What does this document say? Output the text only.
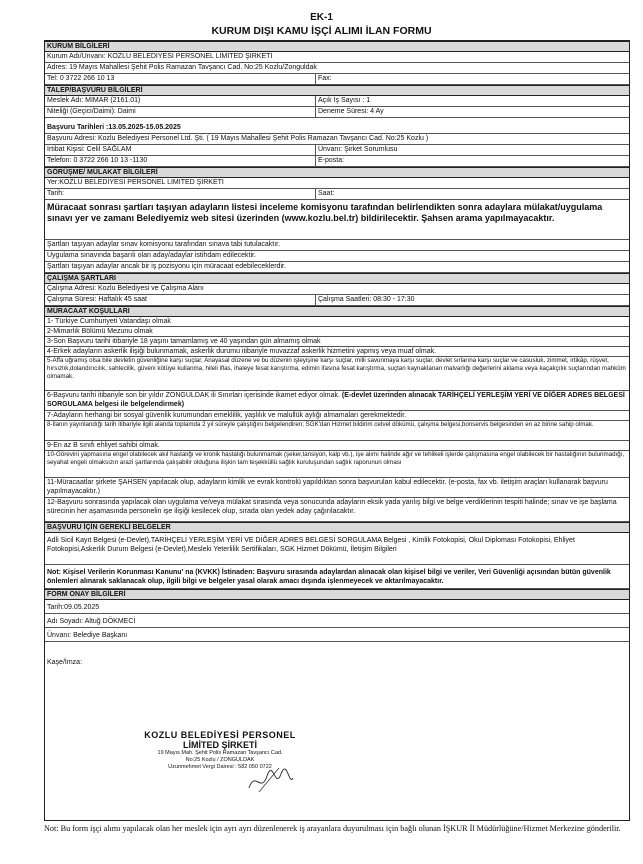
EK-1
KURUM DIŞI KAMU İŞÇİ ALIMI İLAN FORMU
KURUM BİLGİLERİ
Kurum Adı/Unvanı: KOZLU BELEDİYESİ PERSONEL LİMİTED ŞİRKETİ
Adres: 19 Mayıs Mahallesi Şehit Polis Ramazan Tavşancı Cad. No:25 Kozlu/Zonguldak
Tel: 0 3722 266 10 13	Fax:
TALEP/BAŞVURU BİLGİLERİ
Meslek Adı: MİMAR (2161.01)	Açık İş Sayısı : 1
Niteliği (Geçici/Daimi): Daimi	Deneme Süresi: 4 Ay
Başvuru Tarihleri :13.05.2025-15.05.2025
Başvuru Adresi: Kozlu Belediyesi Personel Ltd. Şti. ( 19 Mayıs Mahallesi Şehit Polis Ramazan Tavşancı Cad. No:25 Kozlu )
İrtibat Kişisi: Celil SAĞLAM	Ünvanı: Şirket Sorumlusu
Telefon: 0 3722 266 10 13 -1130	E-posta:
GÖRÜŞME/ MÜLAKAT BİLGİLERİ
Yer:KOZLU BELEDİYESİ PERSONEL LİMİTED ŞİRKETİ
Tarih:	Saat:
Müracaat sonrası şartları taşıyan adayların listesi inceleme komisyonu tarafından belirlendikten sonra adaylara mülakat/uygulama sınavı yer ve zamanı Belediyemiz web sitesi üzerinden (www.kozlu.bel.tr) bildirilecektir. Şahsen arama yapılmayacaktır.
Şartları taşıyan adaylar sınav komisyonu tarafından sınava tabi tutulacaktır.
Uygulama sınavında başarılı olan aday/adaylar istihdam edilecektir.
Şartları taşıyan adaylar ancak bir iş pozisyonu için müracaat edebileceklerdir.
ÇALIŞMA ŞARTLARI
Çalışma Adresi: Kozlu Belediyesi ve Çalışma Alanı
Çalışma Süresi: Haftalık 45 saat	Çalışma Saatleri: 08:30 - 17:30
MÜRACAAT KOŞULLARI
1- Türkiye Cumhuriyeti Vatandaşı olmak
2-Mimarlık Bölümü Mezunu olmak
3-Son Başvuru tarihi itibariyle 18 yaşını tamamlamış ve 40 yaşından gün almamış olmak
4-Erkek adayların askerlik ilişiği bulunmamak, askerlik durumu itibariyle muvazzaf askerlik hizmetini yapmış veya muaf olmak.
5-Affa uğramış olsa bile devletin güvenliğine karşı suçlar, Anayasal düzene ve bu düzenin işleyişine karşı suçlar, milli savunmaya karşı suçlar, devlet sırlarına karşı suçlar ve casusluk, zimmet, irtikâp, rüşvet, hırsızlık,dolandırıcılık, sahtecilik, güveni kötüye kullanma, hileli iflas, ihaleye fesat karıştırma, edimin ifasına fesat karıştırma, suçtan kaynaklanan malvarlığı değerlerini aklama veya kaçakçılık suçlarından mahkûm olmamak.
6-Başvuru tarihi itibariyle son bir yıldır ZONGULDAK ili Sınırları içerisinde ikamet ediyor olmak. (E-devlet üzerinden alınacak TARİHÇELİ YERLEŞİM YERİ VE DİĞER ADRES BELGESİ SORGULAMA belgesi ile belgelendirmek)
7-Adayların herhangi bir sosyal güvenlik kurumundan emeklilik, yaşlılık ve malullük aylığı almamaları gerekmektedir.
8-İlanın yayınlandığı tarih itibariyle ilgili alanda toplamda 2 yıl süreyle çalıştığını belgelendiren; SGK'dan Hizmet bildirim cetvel dökümü, çalışma belgesi,bonservis belgesinden en az birine sahip olmak.
9-En az B sınıfı ehliyet sahibi olmak.
10-Görevini yapmasına engel olabilecek akıl hastalığı ve kronik hastalığı bulunmamak (şeker,tansiyon, kalp vb.), işe alımı halinde ağır ve tehlikeli işlerde çalışmasına engel olabilecek bir hastalığının bulunmadığı, seyahat engeli olmaksızın arazi şartlarında çalışabilir olduğuna ilişkin tam teşekküllü sağlık kuruluşundan sağlık raporunun olması
11-Müracaatlar şirkete ŞAHSEN yapılacak olup, adayların kimlik ve evrak kontrolü yapıldıktan sonra başvuruları kabul edilecektir. (e-posta, fax vb. iletişim araçları kullanarak başvuru yapılmayacaktır.)
12-Başvuru sonrasında yapılacak olan uygulama ve/veya mülakat sırasında veya sonucunda adayların eksik yada yanlış bilgi ve belge verdiklerinin tespiti halinde; sınav ve işe başlama sürecinin her aşamasında personelin işe ilişiği kesilecek olup, sırada olan yedek aday çağırılacaktır.
BAŞVURU İÇİN GEREKLİ BELGELER
Adli Sicil Kayıt Belgesi (e-Devlet),TARİHÇELİ YERLEŞİM YERİ VE DİĞER ADRES BELGESİ SORGULAMA Belgesi , Kimlik Fotokopisi, Okul Diploması Fotokopisi, Ehliyet Fotokopisi,Askerlik Durum Belgesi (e-Devlet),Mesleki Yeterlilik Sertifikaları, SGK Hizmet Dökümü, İletişim Bilgileri
Not: Kişisel Verilerin Korunması Kanunu' na (KVKK) İstinaden: Başvuru sırasında adaylardan alınacak olan kişisel bilgi ve veriler, Veri Güvenliği açısından bütün güvenlik önlemleri alınarak saklanacak olup, ilgili bilgi ve belgeler yasal olarak amacı dışında işlenmeyecek ve aktarılmayacaktır.
FORM ONAY BİLGİLERİ
Tarih:09.05.2025
Adı Soyadı: Altuğ DÖKMECİ
Ünvanı: Belediye Başkanı
Kaşe/İmza:
KOZLU BELEDİYESİ PERSONEL
LİMİTED ŞİRKETİ
19 Mayıs Mah. Şehit Polis Ramazan Tavşancı Cad.
No:25 Kozlu / ZONGULDAK
Uzunmehmet Vergi Dairesi : 582 050 0722
Not: Bu form işçi alımı yapılacak olan her meslek için ayrı ayrı düzenlenerek iş arayanlara duyurulması için bağlı olunan İŞKUR İl Müdürlüğüne/Hizmet Merkezine gönderilir.
